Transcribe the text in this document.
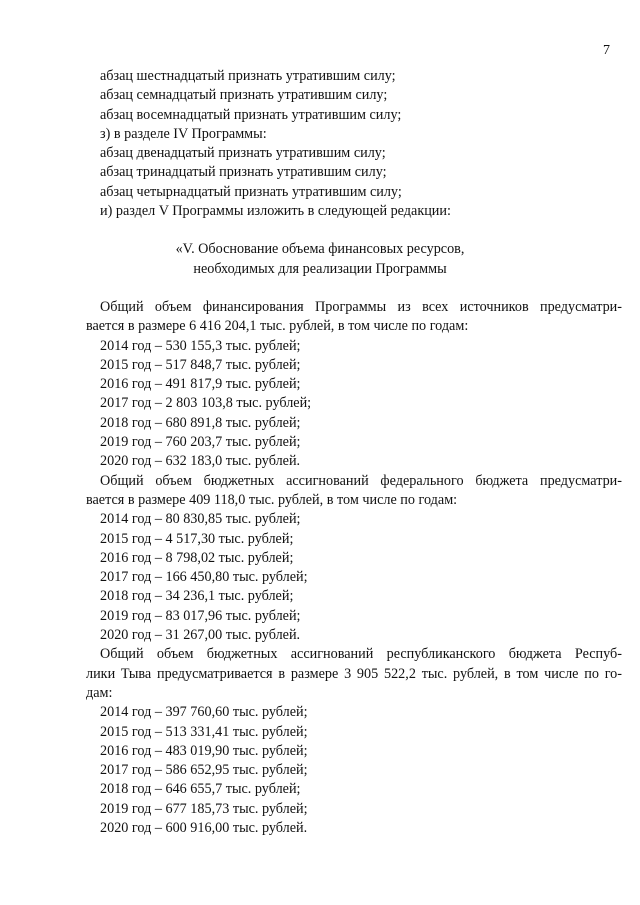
7
абзац шестнадцатый признать утратившим силу;
абзац семнадцатый признать утратившим силу;
абзац восемнадцатый признать утратившим силу;
з) в разделе IV Программы:
абзац двенадцатый признать утратившим силу;
абзац тринадцатый признать утратившим силу;
абзац четырнадцатый признать утратившим силу;
и) раздел V Программы изложить в следующей редакции:
«V. Обоснование объема финансовых ресурсов,
необходимых для реализации Программы
Общий объем финансирования Программы из всех источников предусматри-
вается в размере 6 416 204,1 тыс. рублей, в том числе по годам:
2014 год – 530 155,3 тыс. рублей;
2015 год – 517 848,7 тыс. рублей;
2016 год – 491 817,9 тыс. рублей;
2017 год – 2 803 103,8 тыс. рублей;
2018 год – 680 891,8 тыс. рублей;
2019 год – 760 203,7 тыс. рублей;
2020 год – 632 183,0 тыс. рублей.
Общий объем бюджетных ассигнований федерального бюджета предусматри-
вается в размере 409 118,0 тыс. рублей, в том числе по годам:
2014 год – 80 830,85 тыс. рублей;
2015 год – 4 517,30 тыс. рублей;
2016 год – 8 798,02 тыс. рублей;
2017 год – 166 450,80 тыс. рублей;
2018 год – 34 236,1 тыс. рублей;
2019 год – 83 017,96 тыс. рублей;
2020 год – 31 267,00 тыс. рублей.
Общий объем бюджетных ассигнований республиканского бюджета Респуб-
лики Тыва предусматривается в размере 3 905 522,2 тыс. рублей, в том числе по го-
дам:
2014 год – 397 760,60 тыс. рублей;
2015 год – 513 331,41 тыс. рублей;
2016 год – 483 019,90 тыс. рублей;
2017 год – 586 652,95 тыс. рублей;
2018 год – 646 655,7 тыс. рублей;
2019 год – 677 185,73 тыс. рублей;
2020 год – 600 916,00 тыс. рублей.
